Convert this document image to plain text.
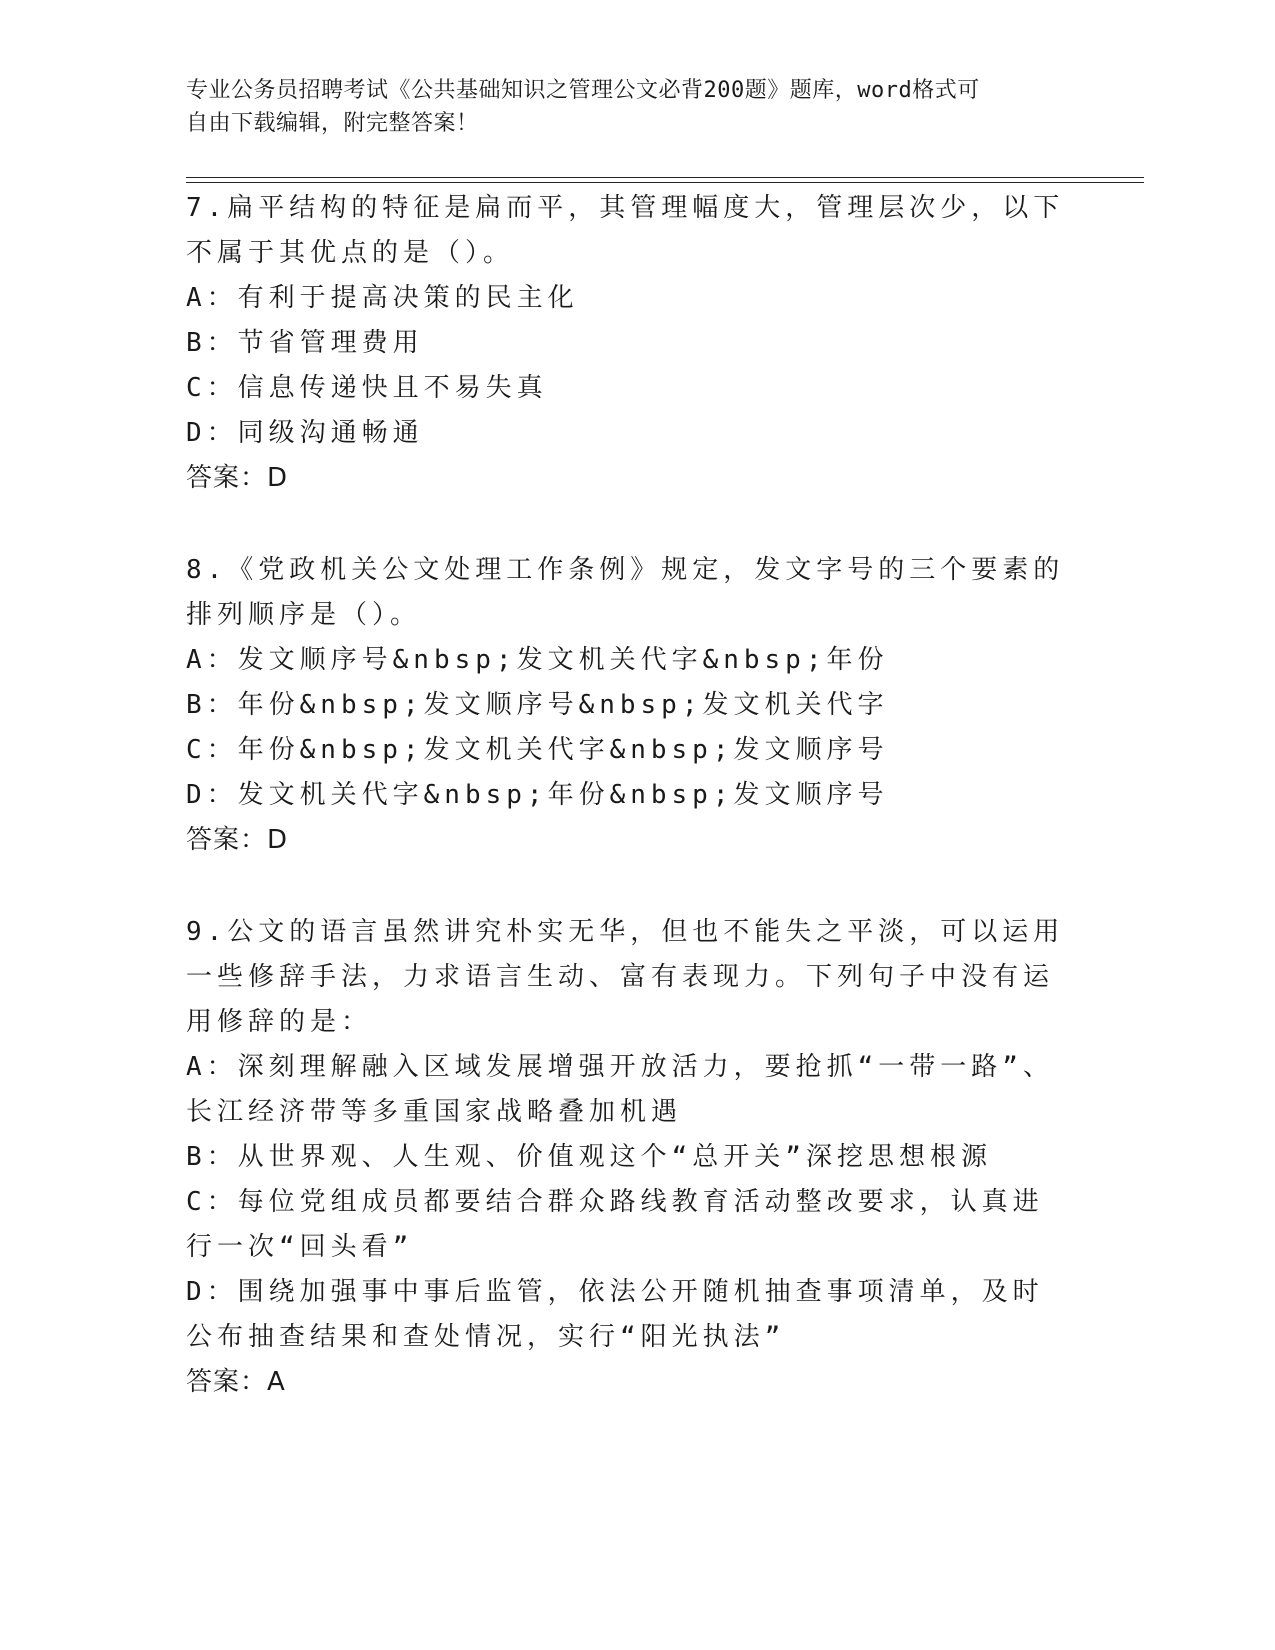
专业公务员招聘考试《公共基础知识之管理公文必背200题》题库，word格式可
自由下载编辑，附完整答案！
7.扁平结构的特征是扁而平，其管理幅度大，管理层次少，以下不属于其优点的是（）。
A：有利于提高决策的民主化
B：节省管理费用
C：信息传递快且不易失真
D：同级沟通畅通
答案：D
8.《党政机关公文处理工作条例》规定，发文字号的三个要素的排列顺序是（）。
A：发文顺序号&nbsp;发文机关代字&nbsp;年份
B：年份&nbsp;发文顺序号&nbsp;发文机关代字
C：年份&nbsp;发文机关代字&nbsp;发文顺序号
D：发文机关代字&nbsp;年份&nbsp;发文顺序号
答案：D
9.公文的语言虽然讲究朴实无华，但也不能失之平淡，可以运用一些修辞手法，力求语言生动、富有表现力。下列句子中没有运用修辞的是：
A：深刻理解融入区域发展增强开放活力，要抢抓“一带一路”、长江经济带等多重国家战略叠加机遇
B：从世界观、人生观、价值观这个“总开关”深挖思想根源
C：每位党组成员都要结合群众路线教育活动整改要求，认真进行一次“回头看”
D：围绕加强事中事后监管，依法公开随机抽查事项清单，及时公布抽查结果和查处情况，实行“阳光执法”
答案：A
